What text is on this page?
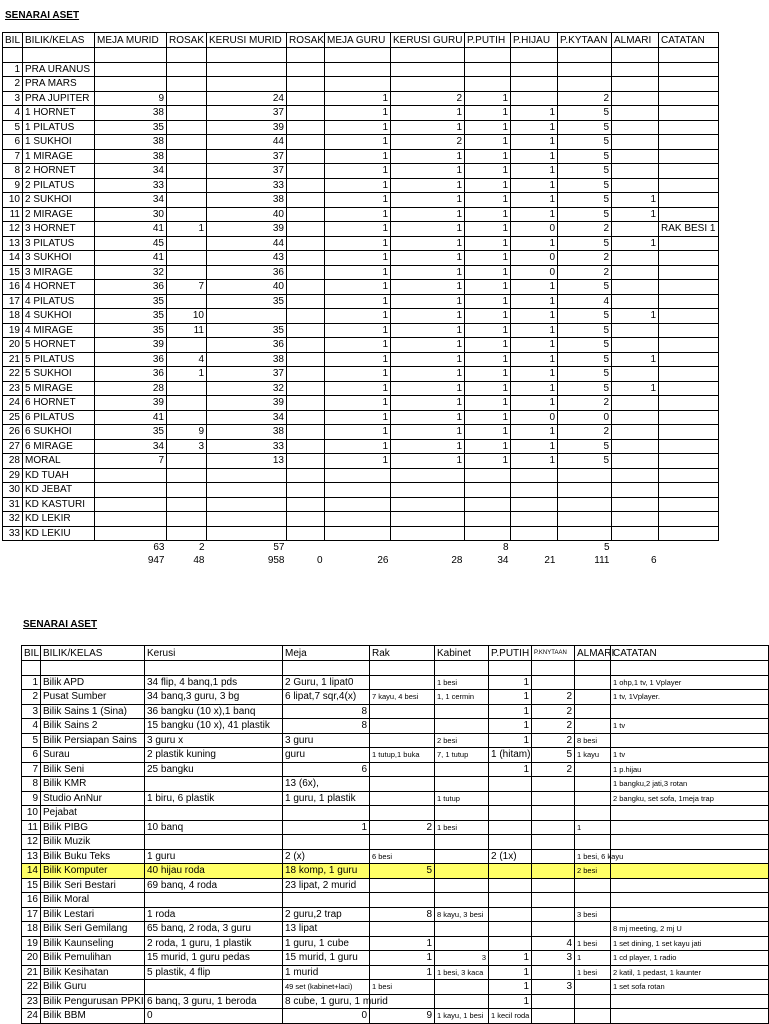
SENARAI ASET
BIL	BILIK/KELAS	MEJA MURID	ROSAK	KERUSI MURID	ROSAK	MEJA GURU	KERUSI GURU	P.PUTIH	P.HIJAU	P.KYTAAN	ALMARI	CATATAN

1	PRA URANUS											
2	PRA MARS											
3	PRA JUPITER	9		24		1	2	1		2		
4	1 HORNET	38		37		1	1	1	1	5		
5	1 PILATUS	35		39		1	1	1	1	5		
6	1 SUKHOI	38		44		1	2	1	1	5		
7	1 MIRAGE	38		37		1	1	1	1	5		
8	2 HORNET	34		37		1	1	1	1	5		
9	2 PILATUS	33		33		1	1	1	1	5		
10	2 SUKHOI	34		38		1	1	1	1	5	1	
11	2 MIRAGE	30		40		1	1	1	1	5	1	
12	3 HORNET	41	1	39		1	1	1	0	2		RAK BESI 1
13	3 PILATUS	45		44		1	1	1	1	5	1	
14	3 SUKHOI	41		43		1	1	1	0	2		
15	3 MIRAGE	32		36		1	1	1	0	2		
16	4 HORNET	36	7	40		1	1	1	1	5		
17	4 PILATUS	35		35		1	1	1	1	4		
18	4 SUKHOI	35	10			1	1	1	1	5	1	
19	4 MIRAGE	35	11	35		1	1	1	1	5		
20	5 HORNET	39		36		1	1	1	1	5		
21	5 PILATUS	36	4	38		1	1	1	1	5	1	
22	5 SUKHOI	36	1	37		1	1	1	1	5		
23	5 MIRAGE	28		32		1	1	1	1	5	1	
24	6 HORNET	39		39		1	1	1	1	2		
25	6 PILATUS	41		34		1	1	1	0	0		
26	6 SUKHOI	35	9	38		1	1	1	1	2		
27	6 MIRAGE	34	3	33		1	1	1	1	5		
28	MORAL	7		13		1	1	1	1	5		
29	KD TUAH											
30	KD JEBAT											
31	KD KASTURI											
32	KD LEKIR											
33	KD LEKIU											
		63	2	57				8		5		
		947	48	958	0	26	28	34	21	111	6	
SENARAI ASET
BIL	BILIK/KELAS	Kerusi	Meja	Rak	Kabinet	P.PUTIH	P.KNYTAAN	ALMARI	CATATAN

1	Bilik APD	34 flip, 4 banq,1 pds	2 Guru, 1 lipat0		1 besi	1			1 ohp,1 tv, 1 Vplayer
2	Pusat Sumber	34 banq,3 guru, 3 bg	6 lipat,7 sqr,4(x)	7 kayu, 4 besi	1, 1 cermin	1	2		1 tv, 1Vplayer.
3	Bilik Sains 1 (Sina)	36 bangku (10 x),1 banq	8			1	2		
4	Bilik Sains 2	15 bangku (10 x), 41 plastik	8			1	2		1 tv
5	Bilik Persiapan Sains	3 guru x	3 guru		2 besi	1	2	8 besi	
6	Surau	2 plastik kuning	guru	1 tutup,1 buka	7, 1 tutup	1 (hitam)	5	1 kayu	1 tv
7	Bilik Seni	25 bangku	6			1	2		1 p.hijau
8	Bilik KMR		13 (6x),						1 bangku,2 jati,3 rotan
9	Studio AnNur	1 biru, 6 plastik	1 guru, 1 plastik		1 tutup				2 bangku, set sofa, 1meja trap
10	Pejabat								
11	Bilik PIBG	10 banq	1	2	1 besi			1	
12	Bilik Muzik								
13	Bilik Buku Teks	1 guru	2 (x)	6 besi		2 (1x)		1 besi, 6 kayu	
14	Bilik Komputer	40 hijau roda	18 komp, 1 guru	5				2 besi	
15	Bilik Seri Bestari	69 banq, 4 roda	23 lipat, 2 murid						
16	Bilik Moral								
17	Bilik Lestari	1 roda	2 guru,2 trap	8	8 kayu, 3 besi			3 besi	
18	Bilik Seri Gemilang	65 banq, 2 roda, 3 guru	13 lipat						8 mj meeting, 2 mj U
19	Bilik Kaunseling	2 roda, 1 guru, 1 plastik	1 guru, 1 cube	1			4	1 besi	1 set dining, 1 set kayu jati
20	Bilik Pemulihan	15 murid, 1 guru pedas	15 murid, 1 guru	1	3	1	3	1	1 cd player, 1 radio
21	Bilik Kesihatan	5 plastik, 4 flip	1 murid	1	1 besi, 3 kaca	1		1 besi	2 katil, 1 pedast, 1 kaunter
22	Bilik Guru		49 set (kabinet+laci)	1 besi		1	3		1 set sofa rotan
23	Bilik Pengurusan PPKI	6 banq, 3 guru, 1 beroda	8 cube, 1 guru, 1 murid			1			
24	Bilik BBM	0	0	9	1 kayu, 1 besi	1 kecil roda			
